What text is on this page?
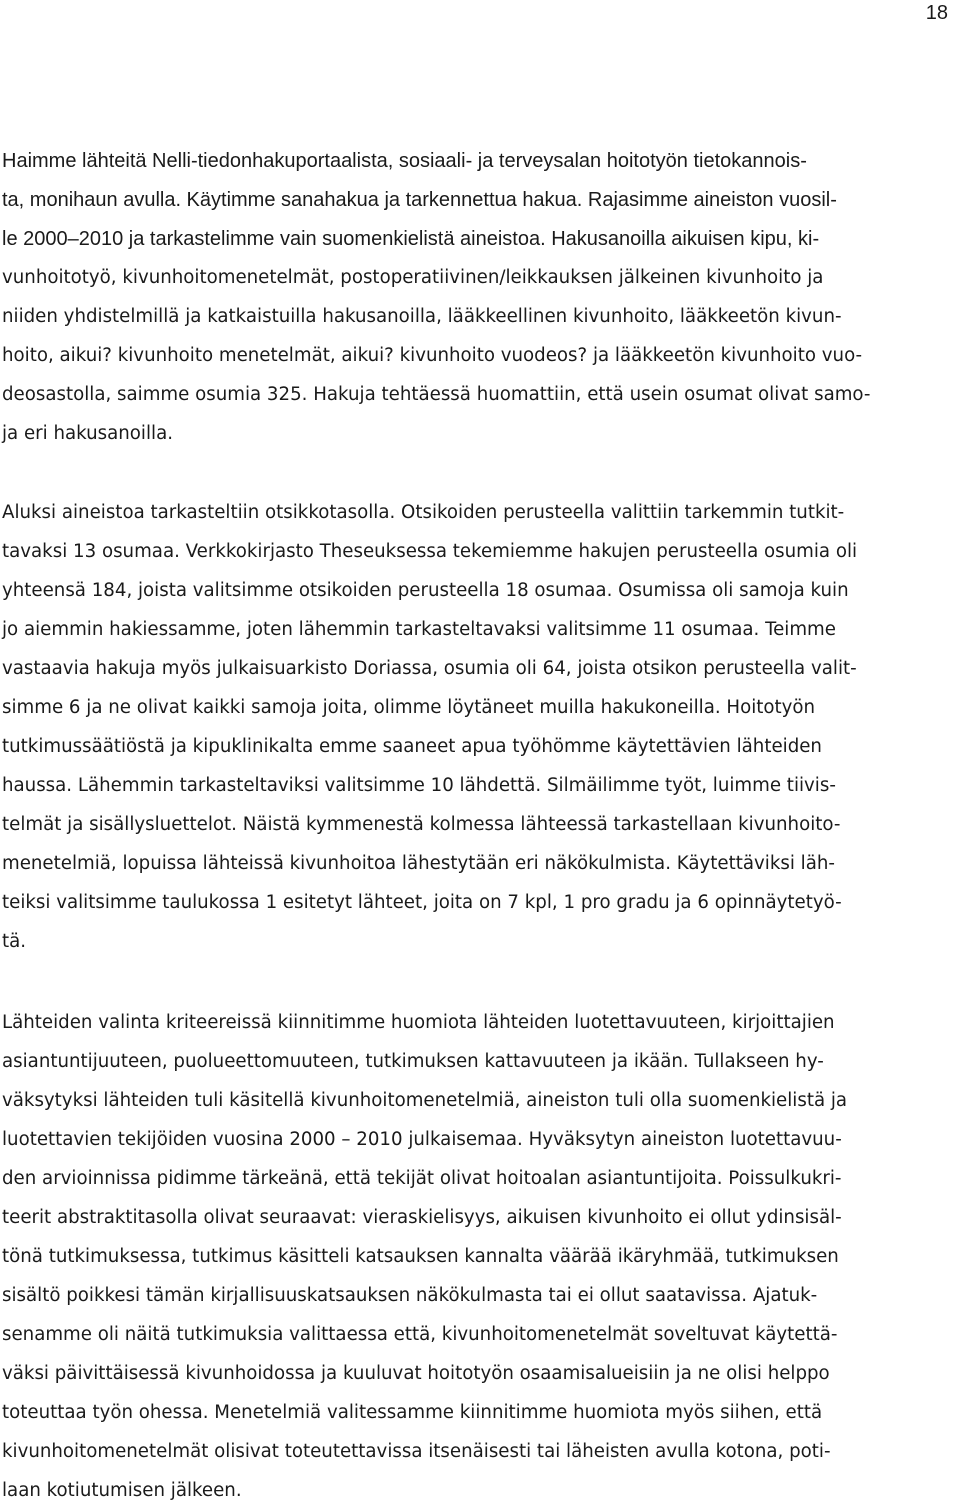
18

Haimme lähteitä Nelli-tiedonhakuportaalista, sosiaali- ja terveysalan hoitotyön tietokannois-

ta, monihaun avulla. Käytimme sanahakua ja tarkennettua hakua. Rajasimme aineiston vuosil-

le 2000–2010 ja tarkastelimme vain suomenkielistä aineistoa. Hakusanoilla aikuisen kipu, ki-

vunhoitotyö, kivunhoitomenetelmät, postoperatiivinen/leikkauksen jälkeinen kivunhoito ja

niiden yhdistelmillä ja katkaistuilla hakusanoilla, lääkkeellinen kivunhoito, lääkkeetön kivun-

hoito, aikui? kivunhoito menetelmät, aikui? kivunhoito vuodeos? ja lääkkeetön kivunhoito vuo-

deosastolla, saimme osumia 325. Hakuja tehtäessä huomattiin, että usein osumat olivat samo-

ja eri hakusanoilla.

Aluksi aineistoa tarkasteltiin otsikkotasolla. Otsikoiden perusteella valittiin tarkemmin tutkit-

tavaksi 13 osumaa. Verkkokirjasto Theseuksessa tekemiemme hakujen perusteella osumia oli

yhteensä 184, joista valitsimme otsikoiden perusteella 18 osumaa. Osumissa oli samoja kuin

jo aiemmin hakiessamme, joten lähemmin tarkasteltavaksi valitsimme 11 osumaa. Teimme

vastaavia hakuja myös julkaisuarkisto Doriassa, osumia oli 64, joista otsikon perusteella valit-

simme 6 ja ne olivat kaikki samoja joita, olimme löytäneet muilla hakukoneilla. Hoitotyön

tutkimussäätiöstä ja kipuklinikalta emme saaneet apua työhömme käytettävien lähteiden

haussa. Lähemmin tarkasteltaviksi valitsimme 10 lähdettä. Silmäilimme työt, luimme tiivis-

telmät ja sisällysluettelot. Näistä kymmenestä kolmessa lähteessä tarkastellaan kivunhoito-

menetelmiä, lopuissa lähteissä kivunhoitoa lähestytään eri näkökulmista. Käytettäviksi läh-

teiksi valitsimme taulukossa 1 esitetyt lähteet, joita on 7 kpl, 1 pro gradu ja 6 opinnäytetyö-

tä.

Lähteiden valinta kriteereissä kiinnitimme huomiota lähteiden luotettavuuteen, kirjoittajien

asiantuntijuuteen, puolueettomuuteen, tutkimuksen kattavuuteen ja ikään. Tullakseen hy-

väksytyksi lähteiden tuli käsitellä kivunhoitomenetelmiä, aineiston tuli olla suomenkielistä ja

luotettavien tekijöiden vuosina 2000 – 2010 julkaisemaa. Hyväksytyn aineiston luotettavuu-

den arvioinnissa pidimme tärkeänä, että tekijät olivat hoitoalan asiantuntijoita. Poissulkukri-

teerit abstraktitasolla olivat seuraavat: vieraskielisyys, aikuisen kivunhoito ei ollut ydinsisäl-

tönä tutkimuksessa, tutkimus käsitteli katsauksen kannalta väärää ikäryhmää, tutkimuksen

sisältö poikkesi tämän kirjallisuuskatsauksen näkökulmasta tai ei ollut saatavissa. Ajatuk-

senamme oli näitä tutkimuksia valittaessa että, kivunhoitomenetelmät soveltuvat käytettä-

väksi päivittäisessä kivunhoidossa ja kuuluvat hoitotyön osaamisalueisiin ja ne olisi helppo

toteuttaa työn ohessa. Menetelmiä valitessamme kiinnitimme huomiota myös siihen, että

kivunhoitomenetelmät olisivat toteutettavissa itsenäisesti tai läheisten avulla kotona, poti-

laan kotiutumisen jälkeen.
